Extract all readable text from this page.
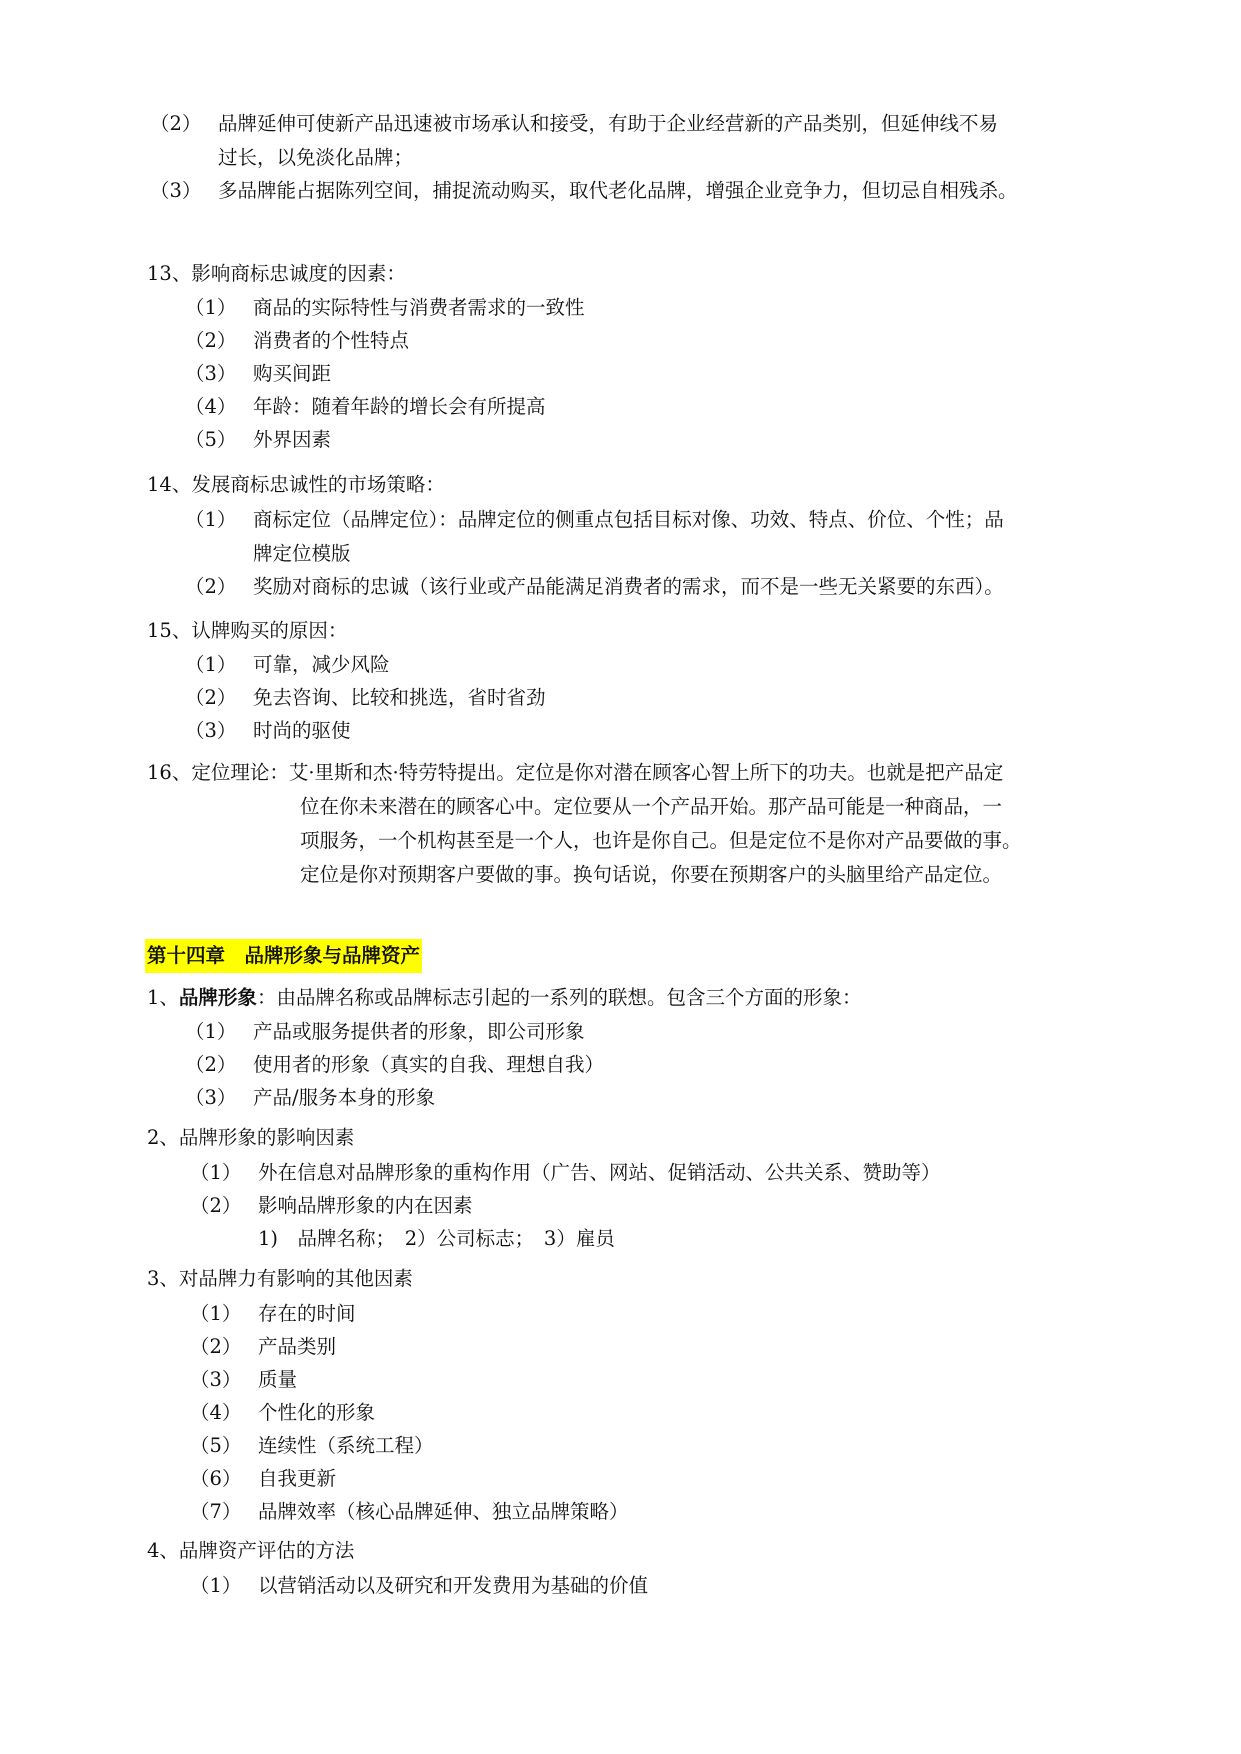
（2） 品牌延伸可使新产品迅速被市场承认和接受，有助于企业经营新的产品类别，但延伸线不易
过长，以免淡化品牌；
（3） 多品牌能占据陈列空间，捕捉流动购买，取代老化品牌，增强企业竞争力，但切忌自相残杀。
13、影响商标忠诚度的因素：
（1） 商品的实际特性与消费者需求的一致性
（2） 消费者的个性特点
（3） 购买间距
（4） 年龄：随着年龄的增长会有所提高
（5） 外界因素
14、发展商标忠诚性的市场策略：
（1） 商标定位（品牌定位）：品牌定位的侧重点包括目标对像、功效、特点、价位、个性；品
牌定位模版
（2） 奖励对商标的忠诚（该行业或产品能满足消费者的需求，而不是一些无关紧要的东西）。
15、认牌购买的原因：
（1） 可靠，减少风险
（2） 免去咨询、比较和挑选，省时省劲
（3） 时尚的驱使
16、定位理论：艾·里斯和杰·特劳特提出。定位是你对潜在顾客心智上所下的功夫。也就是把产品定
位在你未来潜在的顾客心中。定位要从一个产品开始。那产品可能是一种商品，一
项服务，一个机构甚至是一个人，也许是你自己。但是定位不是你对产品要做的事。
定位是你对预期客户要做的事。换句话说，你要在预期客户的头脑里给产品定位。
第十四章　品牌形象与品牌资产
1、品牌形象：由品牌名称或品牌标志引起的一系列的联想。包含三个方面的形象：
（1） 产品或服务提供者的形象，即公司形象
（2） 使用者的形象（真实的自我、理想自我）
（3） 产品/服务本身的形象
2、品牌形象的影响因素
（1） 外在信息对品牌形象的重构作用（广告、网站、促销活动、公共关系、赞助等）
（2） 影响品牌形象的内在因素
1)　品牌名称；　2）公司标志；　3）雇员
3、对品牌力有影响的其他因素
（1） 存在的时间
（2） 产品类别
（3） 质量
（4） 个性化的形象
（5） 连续性（系统工程）
（6） 自我更新
（7） 品牌效率（核心品牌延伸、独立品牌策略）
4、品牌资产评估的方法
（1） 以营销活动以及研究和开发费用为基础的价值
